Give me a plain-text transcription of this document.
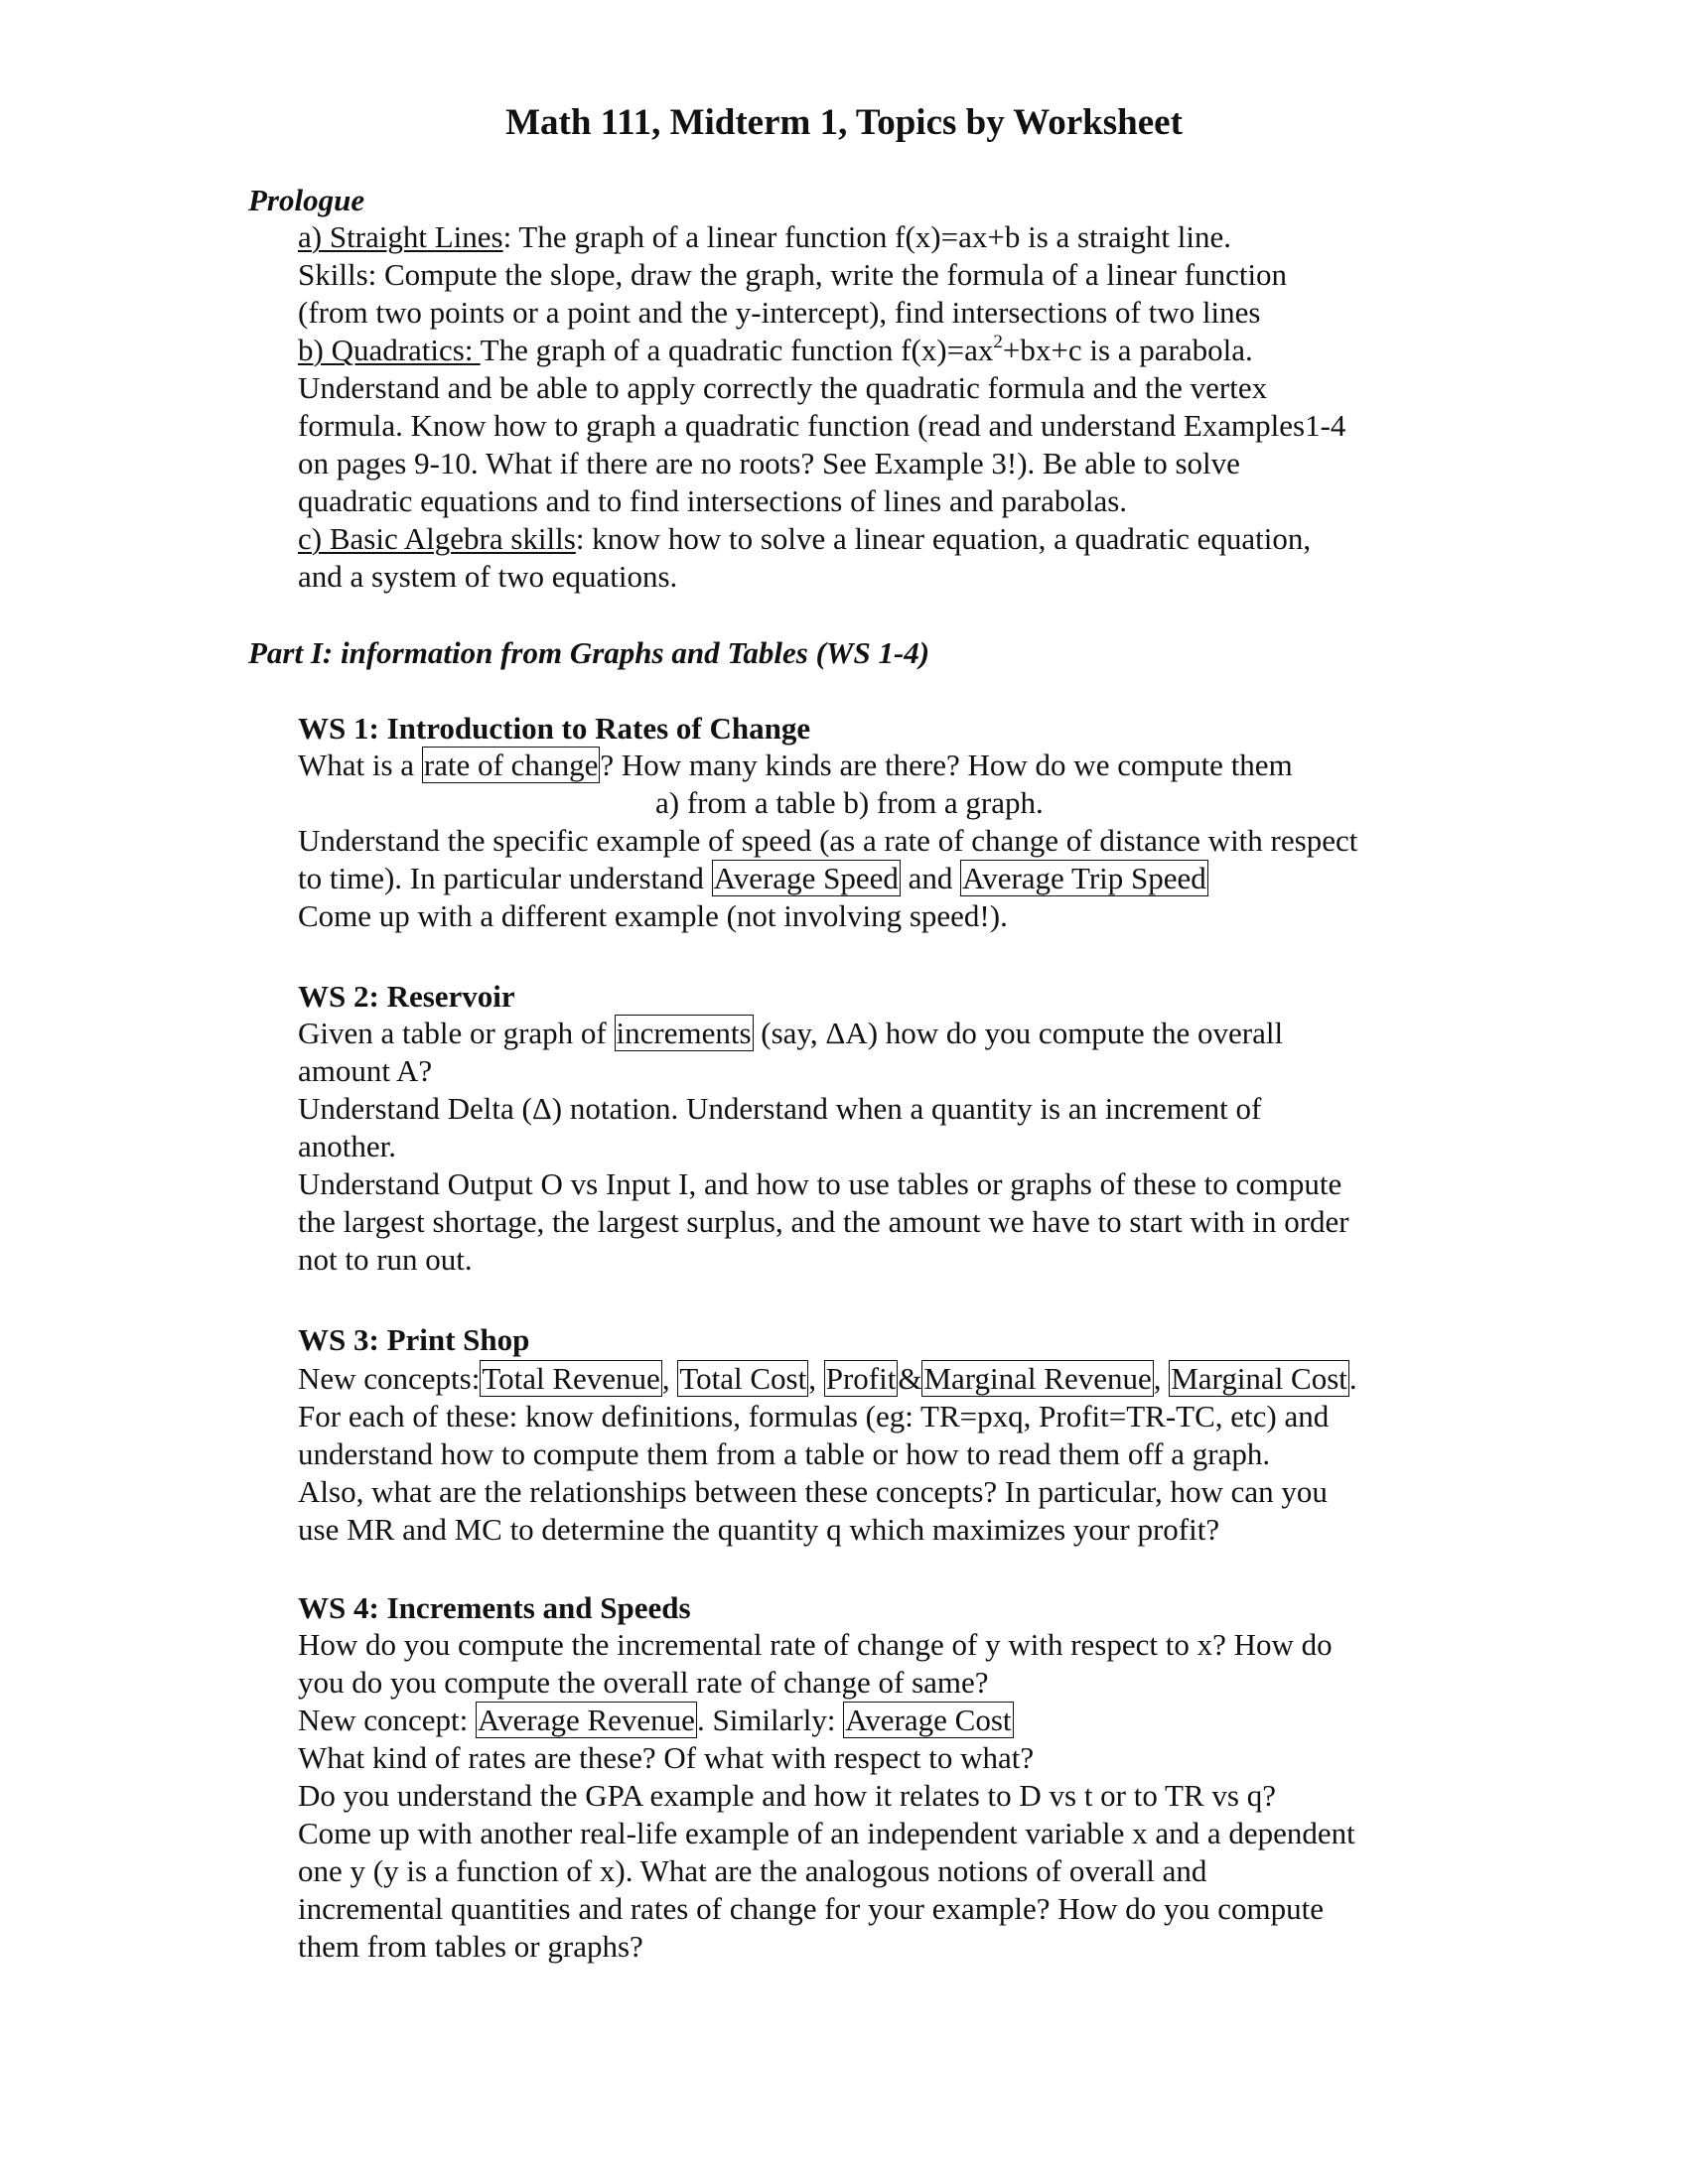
Math 111, Midterm 1, Topics by Worksheet
Prologue
a) Straight Lines: The graph of a linear function f(x)=ax+b is a straight line.
Skills: Compute the slope, draw the graph, write the formula of a linear function
(from two points or a point and the y-intercept), find intersections of two lines
b) Quadratics: The graph of a quadratic function $f(x)=ax^2+bx+c$ is a parabola.
Understand and be able to apply correctly the quadratic formula and the vertex
formula. Know how to graph a quadratic function (read and understand Examples1-4
on pages 9-10. What if there are no roots? See Example 3!). Be able to solve
quadratic equations and to find intersections of lines and parabolas.
c) Basic Algebra skills: know how to solve a linear equation, a quadratic equation,
and a system of two equations.
Part I: information from Graphs and Tables (WS 1-4)
WS 1: Introduction to Rates of Change
What is a rate of change? How many kinds are there? How do we compute them
a) from a table b) from a graph.
Understand the specific example of speed (as a rate of change of distance with respect
to time). In particular understand Average Speed and Average Trip Speed
Come up with a different example (not involving speed!).
WS 2: Reservoir
Given a table or graph of increments (say, ΔA) how do you compute the overall
amount A?
Understand Delta (Δ) notation. Understand when a quantity is an increment of
another.
Understand Output O vs Input I, and how to use tables or graphs of these to compute
the largest shortage, the largest surplus, and the amount we have to start with in order
not to run out.
WS 3: Print Shop
New concepts:Total Revenue, Total Cost, Profit&Marginal Revenue, Marginal Cost.
For each of these: know definitions, formulas (eg: TR=pxq, Profit=TR-TC, etc) and
understand how to compute them from a table or how to read them off a graph.
Also, what are the relationships between these concepts? In particular, how can you
use MR and MC to determine the quantity q which maximizes your profit?
WS 4: Increments and Speeds
How do you compute the incremental rate of change of y with respect to x? How do
you do you compute the overall rate of change of same?
New concept: Average Revenue. Similarly: Average Cost
What kind of rates are these? Of what with respect to what?
Do you understand the GPA example and how it relates to D vs t or to TR vs q?
Come up with another real-life example of an independent variable x and a dependent
one y (y is a function of x). What are the analogous notions of overall and
incremental quantities and rates of change for your example? How do you compute
them from tables or graphs?
